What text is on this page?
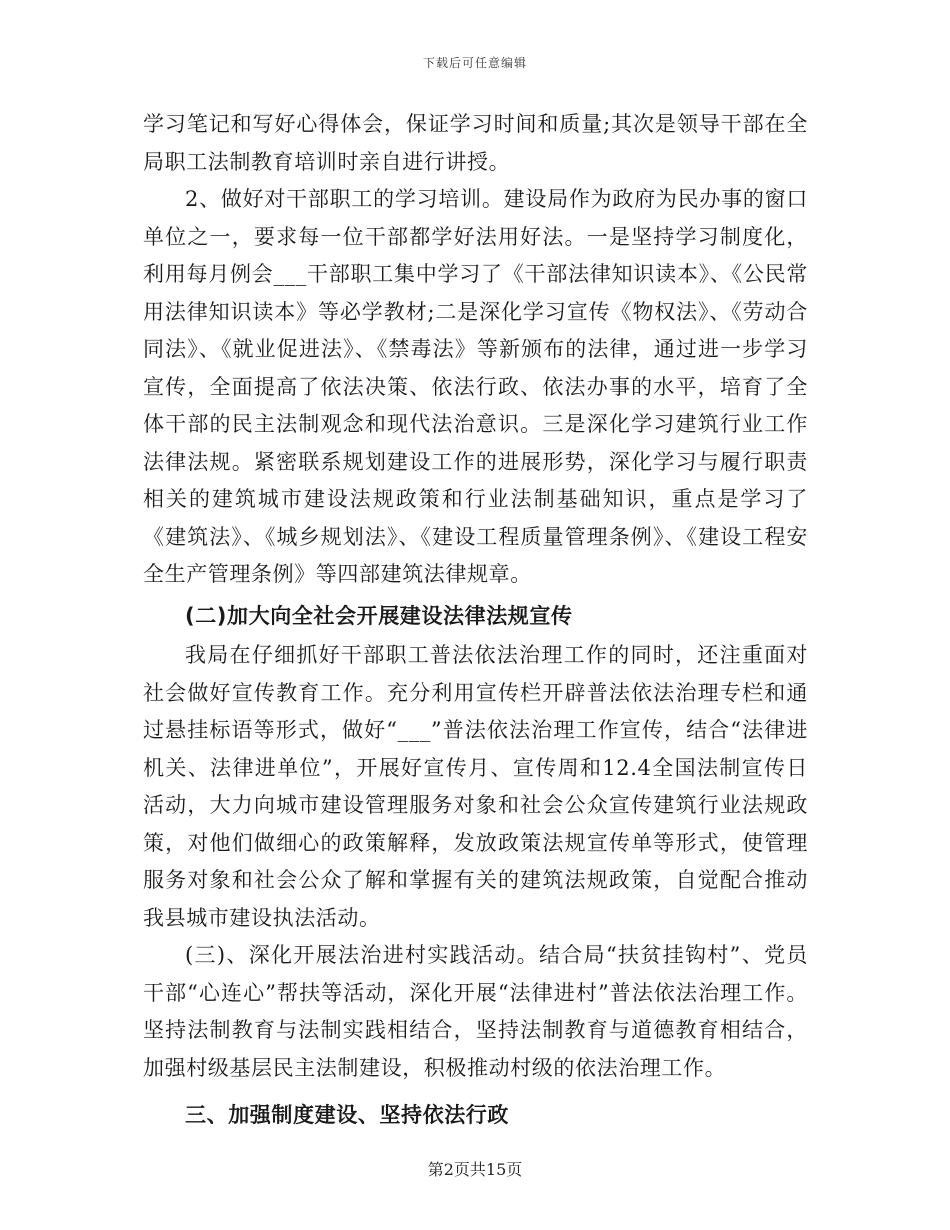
下载后可任意编辑

学习笔记和写好心得体会，保证学习时间和质量;其次是领导干部在全局职工法制教育培训时亲自进行讲授。

2、做好对干部职工的学习培训。建设局作为政府为民办事的窗口单位之一，要求每一位干部都学好法用好法。一是坚持学习制度化，利用每月例会___干部职工集中学习了《干部法律知识读本》、《公民常用法律知识读本》等必学教材;二是深化学习宣传《物权法》、《劳动合同法》、《就业促进法》、《禁毒法》等新颁布的法律，通过进一步学习宣传，全面提高了依法决策、依法行政、依法办事的水平，培育了全体干部的民主法制观念和现代法治意识。三是深化学习建筑行业工作法律法规。紧密联系规划建设工作的进展形势，深化学习与履行职责相关的建筑城市建设法规政策和行业法制基础知识，重点是学习了《建筑法》、《城乡规划法》、《建设工程质量管理条例》、《建设工程安全生产管理条例》等四部建筑法律规章。

(二)加大向全社会开展建设法律法规宣传

我局在仔细抓好干部职工普法依法治理工作的同时，还注重面对社会做好宣传教育工作。充分利用宣传栏开辟普法依法治理专栏和通过悬挂标语等形式，做好“___”普法依法治理工作宣传，结合“法律进机关、法律进单位”，开展好宣传月、宣传周和12.4全国法制宣传日活动，大力向城市建设管理服务对象和社会公众宣传建筑行业法规政策，对他们做细心的政策解释，发放政策法规宣传单等形式，使管理服务对象和社会公众了解和掌握有关的建筑法规政策，自觉配合推动我县城市建设执法活动。

(三)、深化开展法治进村实践活动。结合局“扶贫挂钩村”、党员干部“心连心”帮扶等活动，深化开展“法律进村”普法依法治理工作。坚持法制教育与法制实践相结合，坚持法制教育与道德教育相结合，加强村级基层民主法制建设，积极推动村级的依法治理工作。

三、加强制度建设、坚持依法行政
第2页共15页
